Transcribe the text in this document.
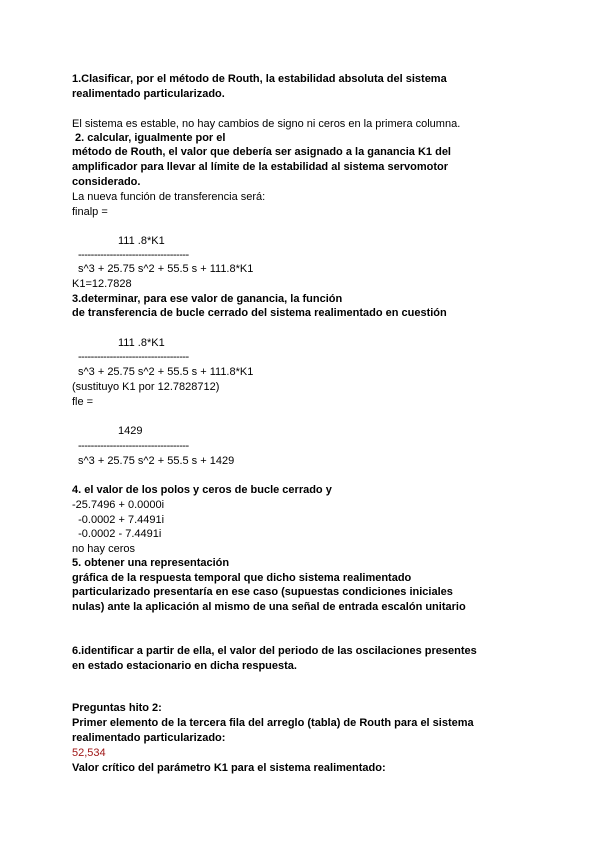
1.Clasificar, por el método de Routh, la estabilidad absoluta del sistema
realimentado particularizado.
El sistema es estable, no hay cambios de signo ni ceros en la primera columna.
2. calcular, igualmente por el
método de Routh, el valor que debería ser asignado a la ganancia K1 del
amplificador para llevar al límite de la estabilidad al sistema servomotor
considerado.
La nueva función de transferencia será:
finalp =
111 .8*K1
-----------------------------------
s^3 + 25.75 s^2 + 55.5 s + 111.8*K1
K1=12.7828
3.determinar, para ese valor de ganancia, la función
de transferencia de bucle cerrado del sistema realimentado en cuestión
111 .8*K1
-----------------------------------
s^3 + 25.75 s^2 + 55.5 s + 111.8*K1
(sustituyo K1 por 12.7828712)
fle =
1429
-----------------------------------
s^3 + 25.75 s^2 + 55.5 s + 1429
4. el valor de los polos y ceros de bucle cerrado y
-25.7496 + 0.0000i
-0.0002 + 7.4491i
-0.0002 - 7.4491i
no hay ceros
5. obtener una representación
gráfica de la respuesta temporal que dicho sistema realimentado
particularizado presentaría en ese caso (supuestas condiciones iniciales
nulas) ante la aplicación al mismo de una señal de entrada escalón unitario
6.identificar a partir de ella, el valor del periodo de las oscilaciones presentes
en estado estacionario en dicha respuesta.
Preguntas hito 2:
Primer elemento de la tercera fila del arreglo (tabla) de Routh para el sistema
realimentado particularizado:
52,534
Valor crítico del parámetro K1 para el sistema realimentado:
